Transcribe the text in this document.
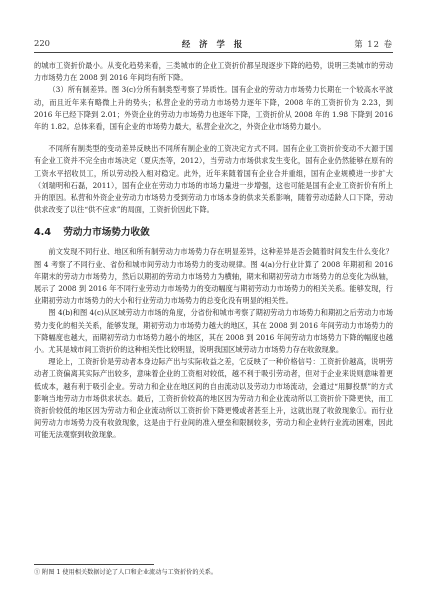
220	经 济 学 报	第 12 卷

的城市工资折价最小。从变化趋势来看，三类城市的企业工资折价都呈现逐步下降的趋势，说明三类城市的劳动力市场势力在 2008 到 2016 年间均有所下降。

（3）所有制差异。图 3(c)分所有制类型考察了异质性。国有企业的劳动力市场势力长期在一个较高水平波动，而且近年来有略微上升的势头；私营企业的劳动力市场势力逐年下降，2008 年的工资折价为 2.23，到 2016 年已经下降到 2.01；外资企业的劳动力市场势力也逐年下降，工资折价从 2008 年的 1.98 下降到 2016 年的 1.82。总体来看，国有企业的市场势力最大，私营企业次之，外资企业市场势力最小。

不同所有制类型的变动差异反映出不同所有制企业的工资决定方式不同。国有企业工资折价变动不大源于国有企业工资并不完全由市场决定（夏庆杰等，2012），当劳动力市场供求发生变化，国有企业仍然能够在原有的工资水平招收员工，所以劳动投入相对稳定。此外，近年来随着国有企业合并重组，国有企业规模进一步扩大（刘瑞明和石磊，2011），国有企业在劳动力市场的市场力量进一步增强，这也可能是国有企业工资折价有所上升的原因。私营和外资企业劳动力市场势力受到劳动力市场本身的供求关系影响，随着劳动适龄人口下降，劳动供求改变了以往“供不应求”的局面，工资折价因此下降。

4.4 劳动力市场势力收敛

前文发现不同行业、地区和所有制劳动力市场势力存在明显差异，这种差异是否会随着时间发生什么变化？图 4 考察了不同行业、省份和城市间劳动力市场势力的变动规律。图 4(a)分行业计算了 2008 年期初和 2016 年期末的劳动力市场势力，然后以期初的劳动力市场势力为横轴，期末和期初劳动力市场势力的总变化为纵轴，展示了 2008 到 2016 年不同行业劳动力市场势力的变动幅度与期初劳动力市场势力的相关关系。能够发现，行业期初劳动力市场势力的大小和行业劳动力市场势力的总变化没有明显的相关性。

图 4(b)和图 4(c)从区域劳动力市场的角度，分省份和城市考察了期初劳动力市场势力和期初之后劳动力市场势力变化的相关关系，能够发现，期初劳动力市场势力越大的地区，其在 2008 到 2016 年间劳动力市场势力的下降幅度也越大，而期初劳动力市场势力越小的地区，其在 2008 到 2016 年间劳动力市场势力下降的幅度也越小。尤其是城市间工资折价的这种相关性比较明显，说明我国区域劳动力市场势力存在收敛现象。

理论上，工资折价是劳动者本身边际产出与实际收益之差，它反映了一种价格信号：工资折价越高，说明劳动者工资偏离其实际产出较多，意味着企业的工资相对较低，越不利于吸引劳动者，但对于企业来说则意味着更低成本，越有利于吸引企业。劳动力和企业在地区间的自由流动以及劳动力市场流动，会通过“用脚投票”的方式影响当地劳动力市场供求状态。最后，工资折价较高的地区因为劳动力和企业流动所以工资折价下降更快，而工资折价较低的地区因为劳动力和企业流动所以工资折价下降更慢或者甚至上升，这就出现了收敛现象①。而行业间劳动力市场势力没有收敛现象，这是由于行业间的准入壁垒和限制较多，劳动力和企业转行业流动困难，因此可能无法观察到收敛现象。

① 附图 1 使用相关数据讨论了人口和企业流动与工资折价的关系。
